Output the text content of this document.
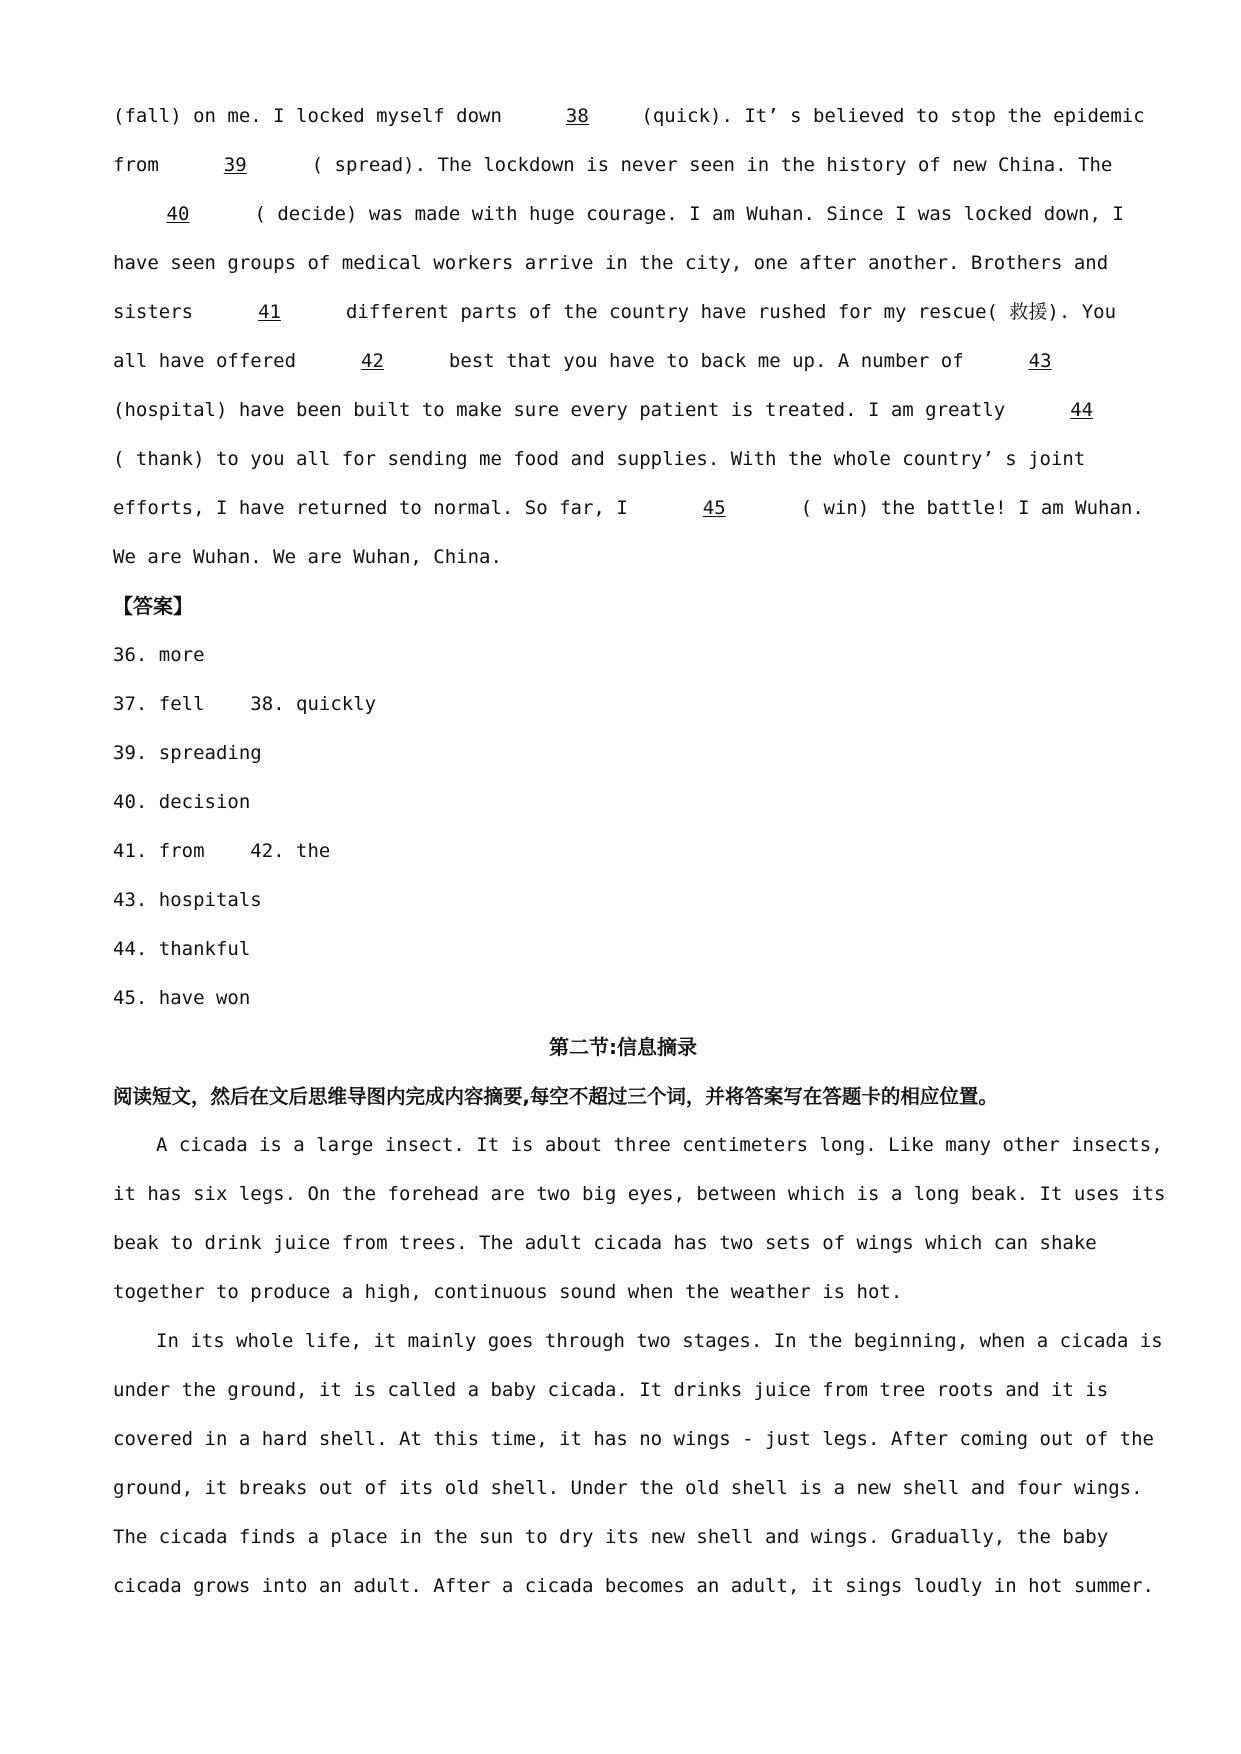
(fall) on me. I locked myself down	38	(quick). It’ s believed to stop the epidemic
from	39	( spread). The lockdown is never seen in the history of new China. The
40	( decide) was made with huge courage. I am Wuhan. Since I was locked down, I
have seen groups of medical workers arrive in the city, one after another. Brothers and
sisters	41	different parts of the country have rushed for my rescue( 救援). You
all have offered	42	best that you have to back me up. A number of	43
(hospital) have been built to make sure every patient is treated. I am greatly	44
( thank) to you all for sending me food and supplies. With the whole country’ s joint
efforts, I have returned to normal. So far, I	45	( win) the battle! I am Wuhan.
We are Wuhan. We are Wuhan, China.
【答案】
36. more
37. fell    38. quickly
39. spreading
40. decision
41. from    42. the
43. hospitals
44. thankful
45. have won
第二节:信息摘录
阅读短文，然后在文后思维导图内完成内容摘要,每空不超过三个词，并将答案写在答题卡的相应位置。
A cicada is a large insect. It is about three centimeters long. Like many other insects,
it has six legs. On the forehead are two big eyes, between which is a long beak. It uses its
beak to drink juice from trees. The adult cicada has two sets of wings which can shake
together to produce a high, continuous sound when the weather is hot.
In its whole life, it mainly goes through two stages. In the beginning, when a cicada is
under the ground, it is called a baby cicada. It drinks juice from tree roots and it is
covered in a hard shell. At this time, it has no wings - just legs. After coming out of the
ground, it breaks out of its old shell. Under the old shell is a new shell and four wings.
The cicada finds a place in the sun to dry its new shell and wings. Gradually, the baby
cicada grows into an adult. After a cicada becomes an adult, it sings loudly in hot summer.
